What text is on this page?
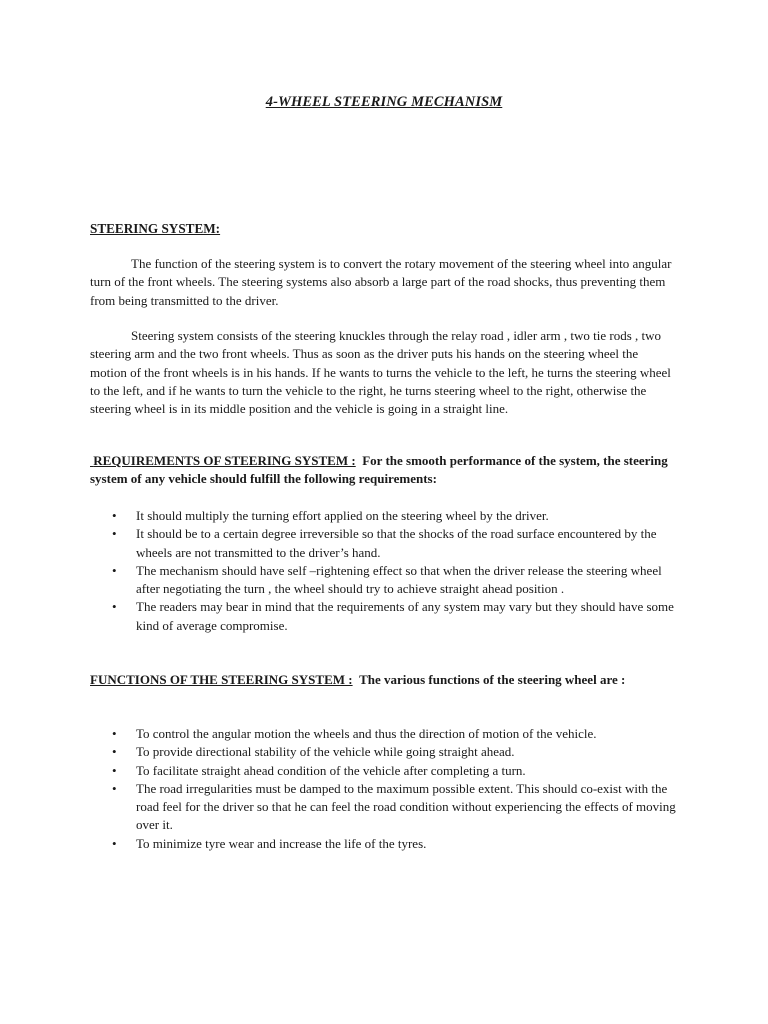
4-WHEEL STEERING MECHANISM
STEERING SYSTEM:

The function of the steering system is to convert the rotary movement of the steering wheel into angular turn of the front wheels. The steering systems also absorb a large part of the road shocks, thus preventing them from being transmitted to the driver.

Steering system consists of the steering knuckles through the relay road , idler arm , two tie rods , two steering arm and the two front wheels. Thus as soon as the driver puts his hands on the steering wheel the motion of the front wheels is in his hands. If he wants to turns the vehicle to the left, he turns the steering wheel to the left, and if he wants to turn the vehicle to the right, he turns steering wheel to the right, otherwise the steering wheel is in its middle position and the vehicle is going in a straight line.

REQUIREMENTS OF STEERING SYSTEM : For the smooth performance of the system, the steering system of any vehicle should fulfill the following requirements:
• It should multiply the turning effort applied on the steering wheel by the driver.
• It should be to a certain degree irreversible so that the shocks of the road surface encountered by the wheels are not transmitted to the driver’s hand.
• The mechanism should have self –rightening effect so that when the driver release the steering wheel after negotiating the turn , the wheel should try to achieve straight ahead position .
• The readers may bear in mind that the requirements of any system may vary but they should have some kind of average compromise.
FUNCTIONS OF THE STEERING SYSTEM : The various functions of the steering wheel are :
• To control the angular motion the wheels and thus the direction of motion of the vehicle.
• To provide directional stability of the vehicle while going straight ahead.
• To facilitate straight ahead condition of the vehicle after completing a turn.
• The road irregularities must be damped to the maximum possible extent. This should co-exist with the road feel for the driver so that he can feel the road condition without experiencing the effects of moving over it.
• To minimize tyre wear and increase the life of the tyres.
